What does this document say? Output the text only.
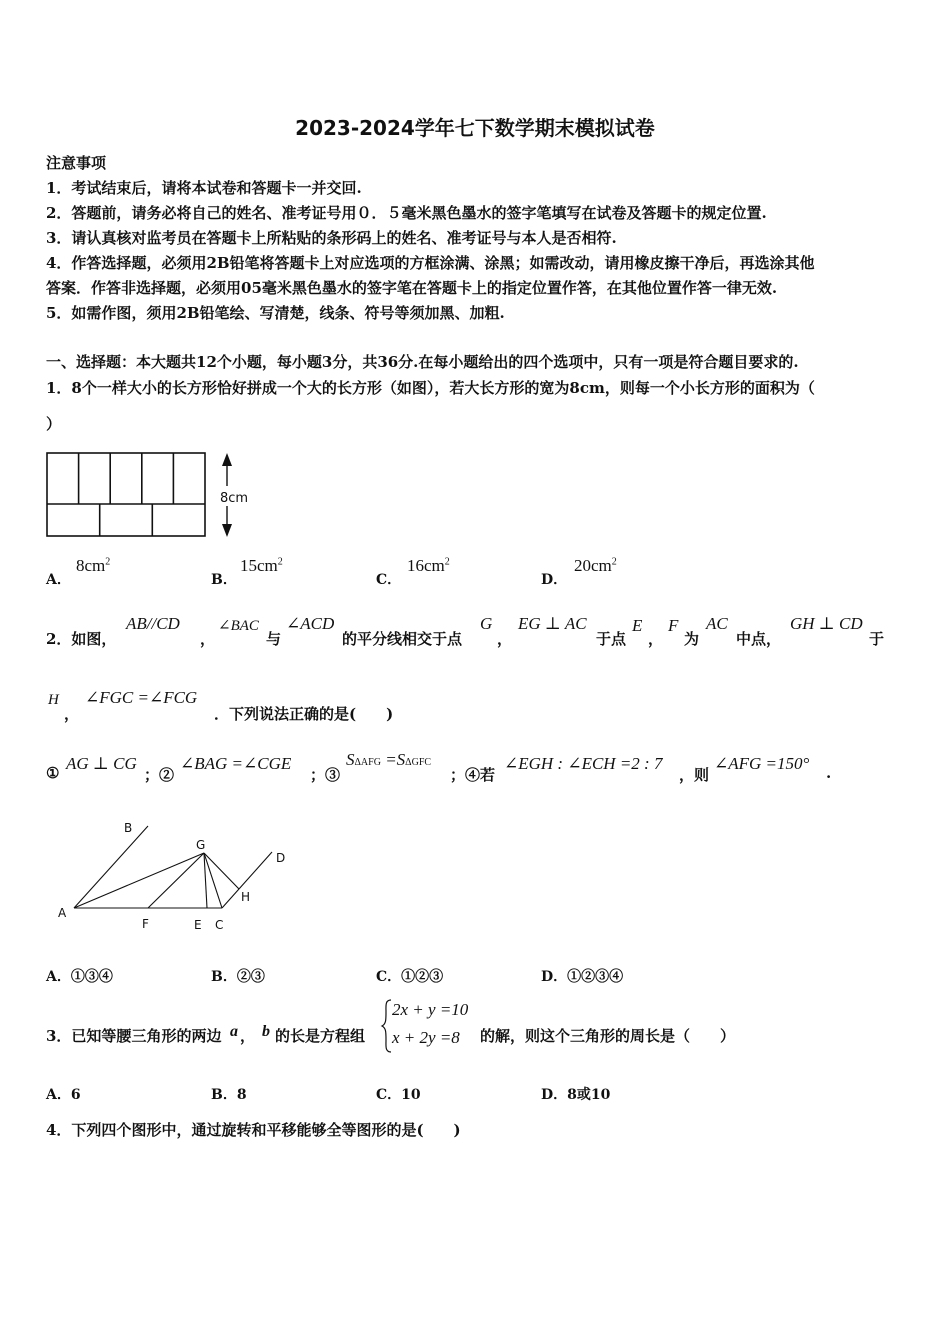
2023-2024学年七下数学期末模拟试卷
注意事项
1．考试结束后，请将本试卷和答题卡一并交回.
2．答题前，请务必将自己的姓名、准考证号用０．５毫米黑色墨水的签字笔填写在试卷及答题卡的规定位置.
3．请认真核对监考员在答题卡上所粘贴的条形码上的姓名、准考证号与本人是否相符.
4．作答选择题，必须用2B铅笔将答题卡上对应选项的方框涂满、涂黑；如需改动，请用橡皮擦干净后，再选涂其他
答案．作答非选择题，必须用05毫米黑色墨水的签字笔在答题卡上的指定位置作答，在其他位置作答一律无效.
5．如需作图，须用2B铅笔绘、写清楚，线条、符号等须加黑、加粗.
一、选择题：本大题共12个小题，每小题3分，共36分.在每小题给出的四个选项中，只有一项是符合题目要求的.
1．8个一样大小的长方形恰好拼成一个大的长方形（如图），若大长方形的宽为8cm，则每一个小长方形的面积为（
）
8cm
A．
$8cm^2$
B．
$15cm^2$
C．
$16cm^2$
D．
$20cm^2$
2．如图，
AB//CD
，
∠BAC
与
∠ACD
的平分线相交于点
G
，
EG ⊥ AC
于点
E
，
F
为
AC
中点，
GH ⊥ CD
于
H
，
∠FGC =∠FCG
．下列说法正确的是(　　)
① AG ⊥ CG
；②
∠BAG =∠CGE
；③
SΔAFG =SΔGFC
；④若
∠EGH : ∠ECH =2 : 7
，则
∠AFG =150° .
A
B
G
D
H
F	E C
A．①③④	B．②③	C．①②③	D．①②③④
3．已知等腰三角形的两边 a ， b 的长是方程组
2x + y =10
x + 2y =8 的解，则这个三角形的周长是（　　）
A．6	B．8	C．10	D．8或10
4．下列四个图形中，通过旋转和平移能够全等图形的是(　　)
